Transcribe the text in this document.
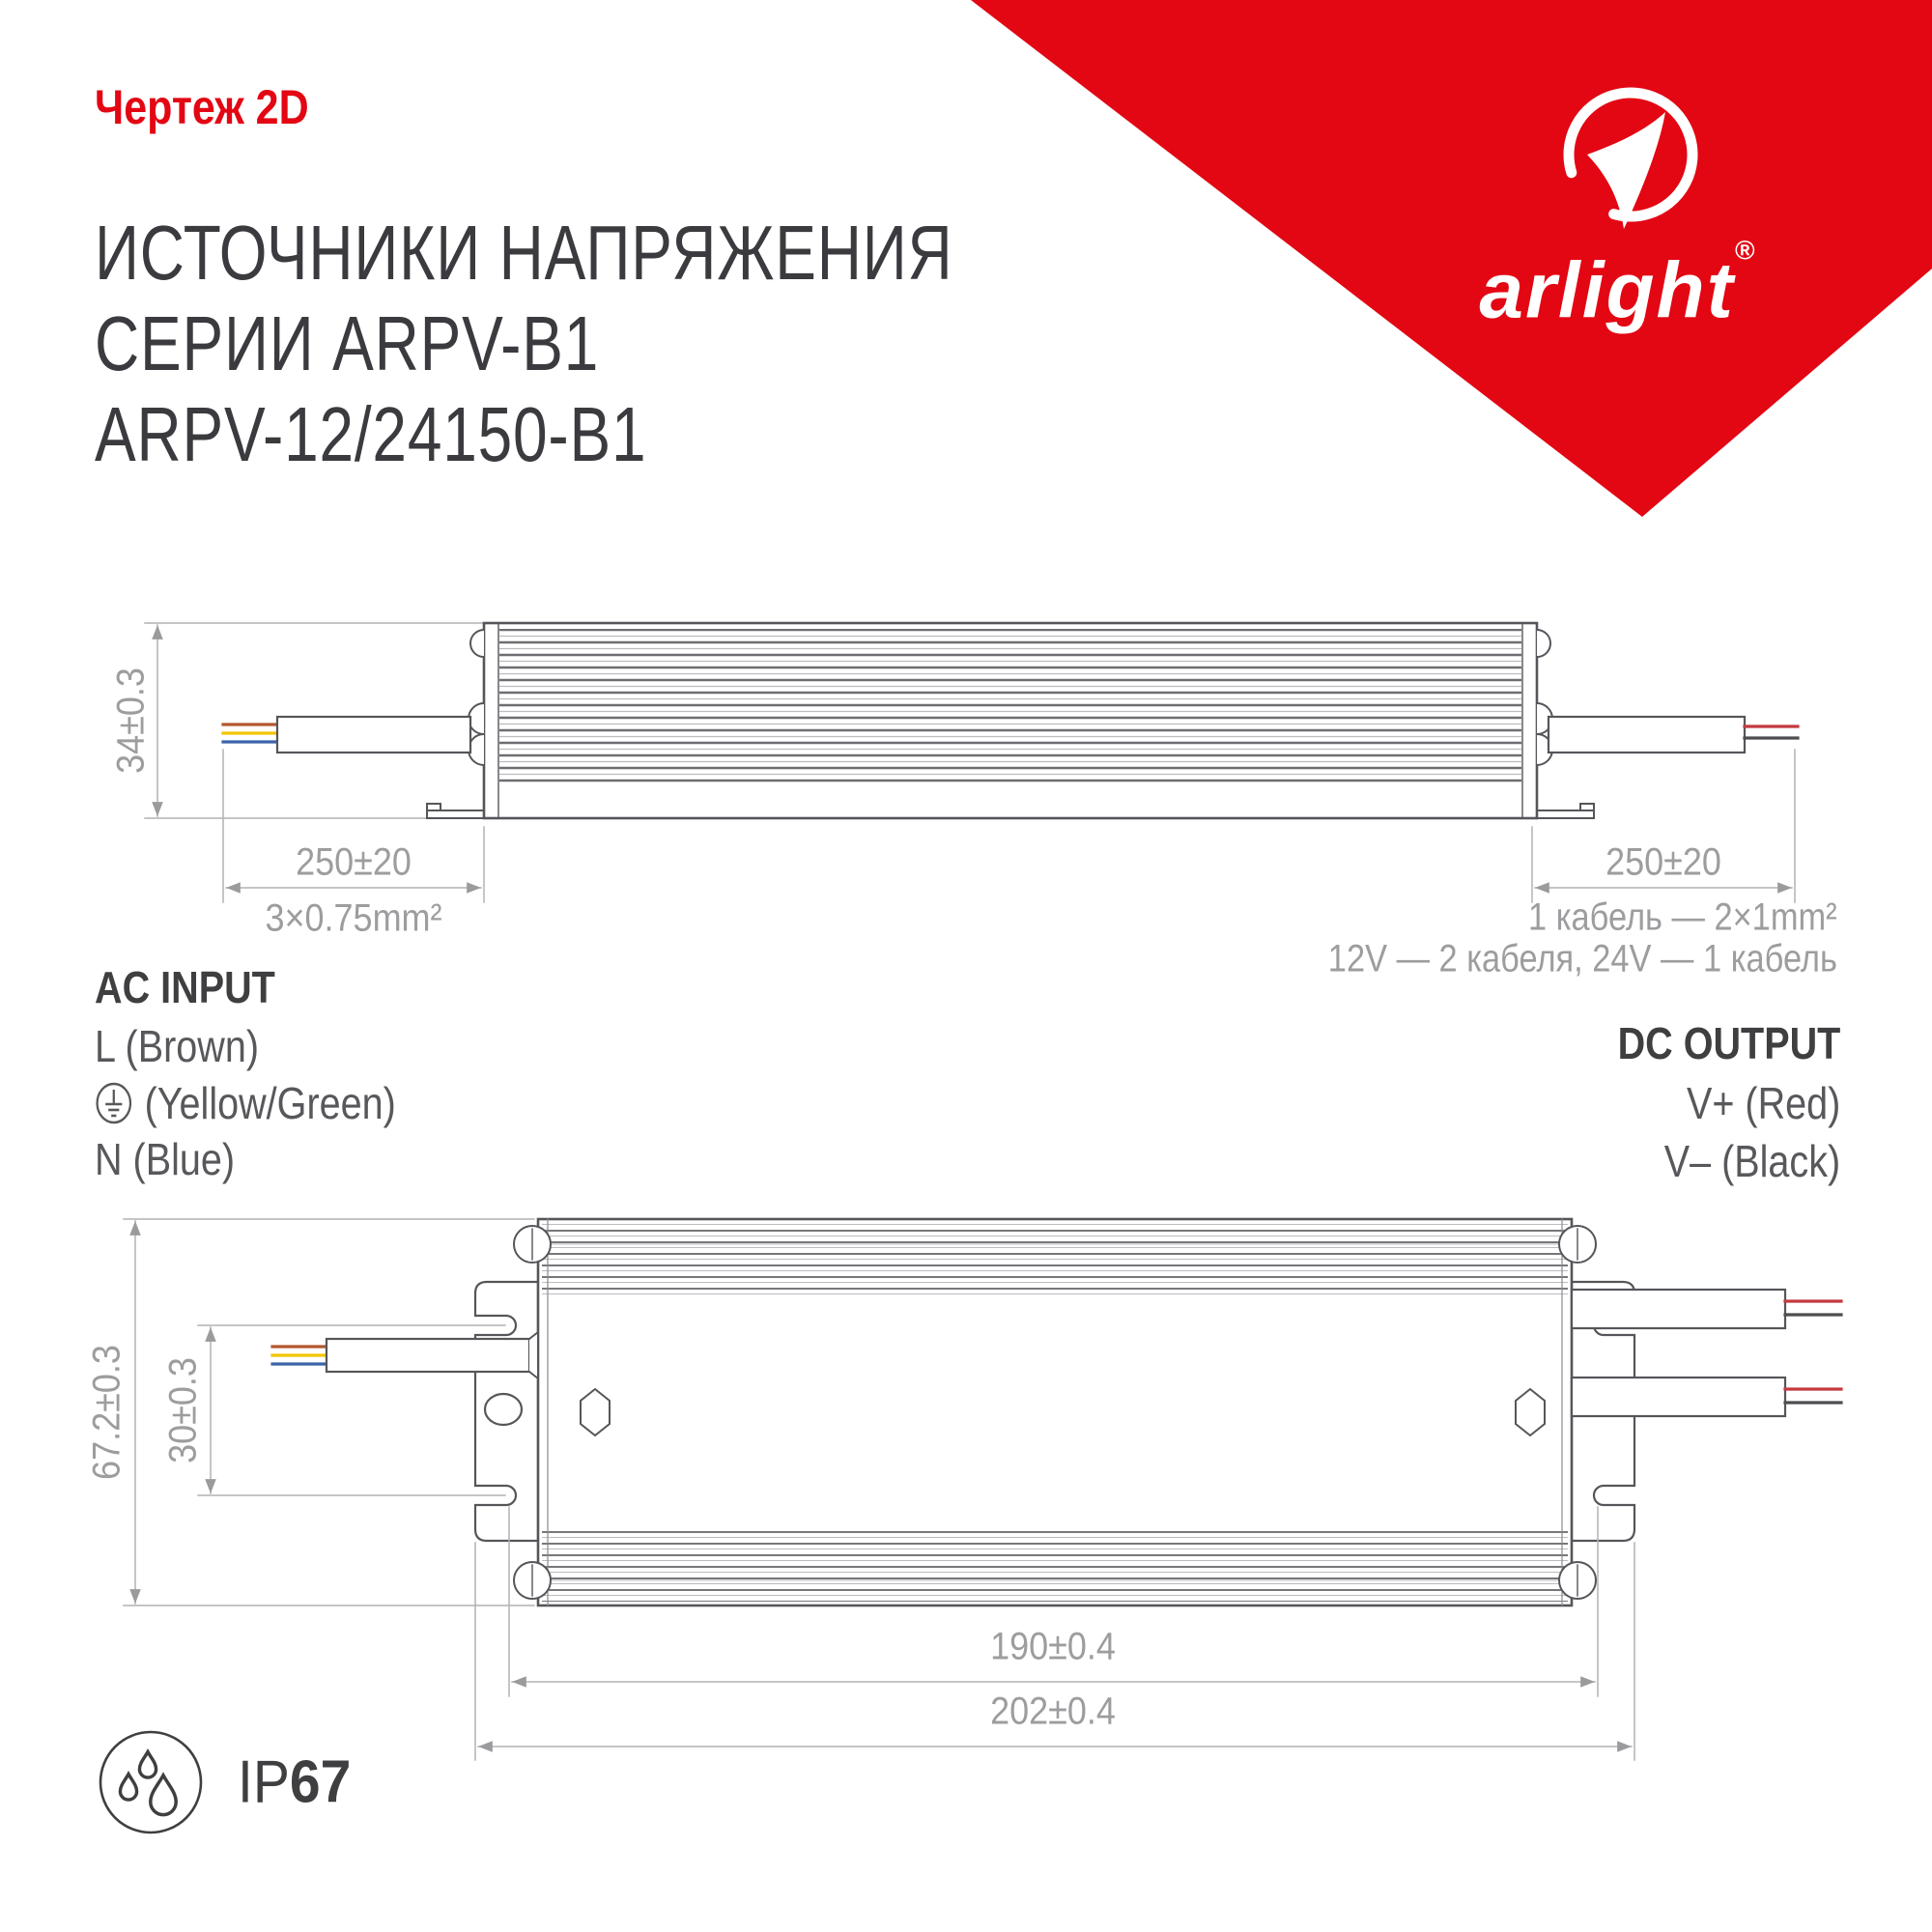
Чертеж 2D
ИСТОЧНИКИ НАПРЯЖЕНИЯ
СЕРИИ ARPV-B1
ARPV-12/24150-B1
arlight®
34±0.3
250±20
3×0.75mm²
250±20
1 кабель — 2×1mm²
12V — 2 кабеля, 24V — 1 кабель
AC INPUT
L (Brown)
(Yellow/Green)
N (Blue)
DC OUTPUT
V+ (Red)
V– (Black)
67.2±0.3 30±0.3
190±0.4
202±0.4
IP67
